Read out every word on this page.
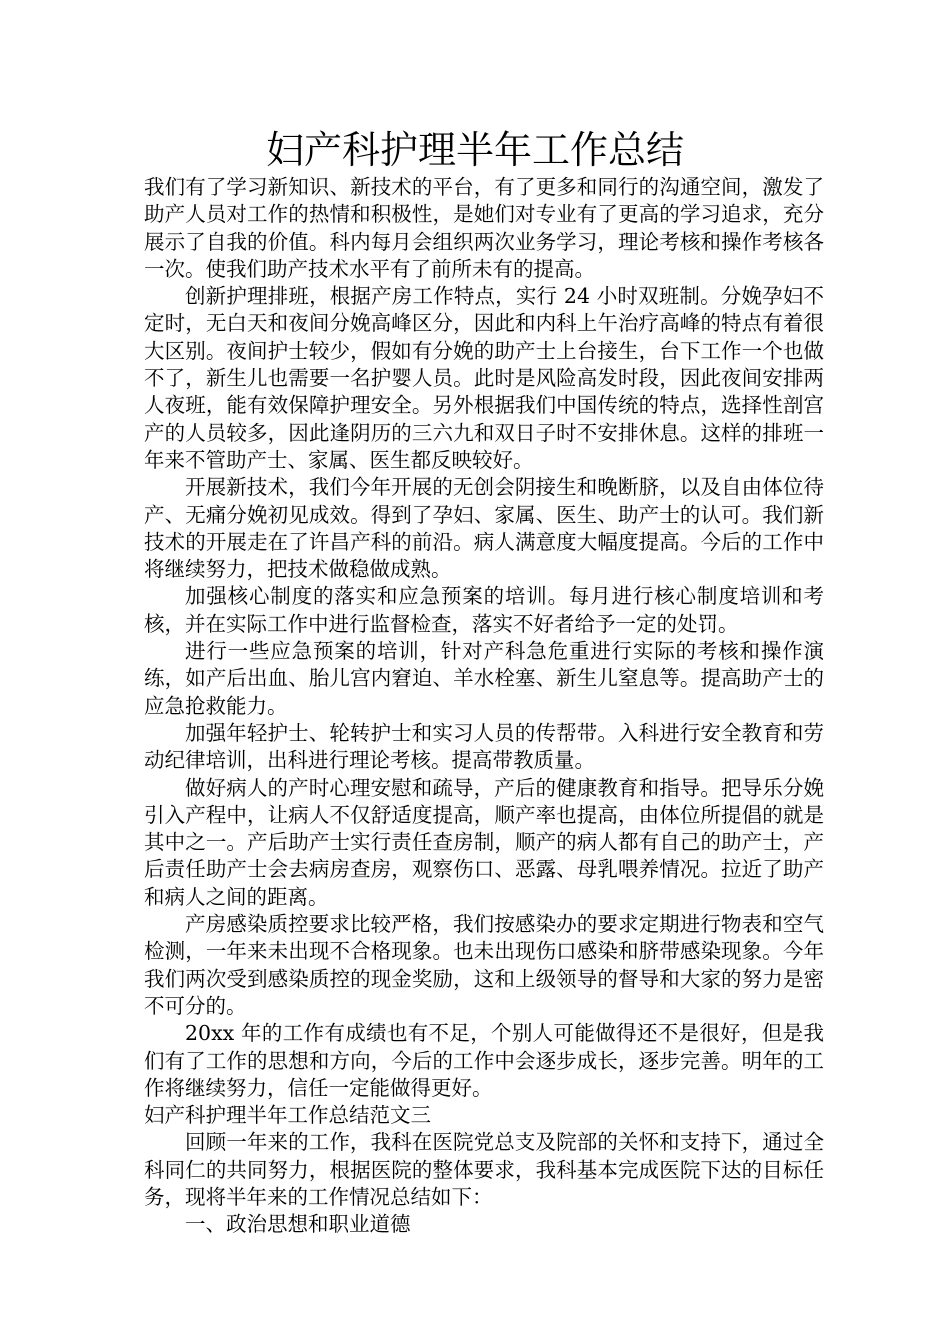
妇产科护理半年工作总结

我们有了学习新知识、新技术的平台，有了更多和同行的沟通空间，激发了助产人员对工作的热情和积极性，是她们对专业有了更高的学习追求，充分展示了自我的价值。科内每月会组织两次业务学习，理论考核和操作考核各一次。使我们助产技术水平有了前所未有的提高。

创新护理排班，根据产房工作特点，实行 24 小时双班制。分娩孕妇不定时，无白天和夜间分娩高峰区分，因此和内科上午治疗高峰的特点有着很大区别。夜间护士较少，假如有分娩的助产士上台接生，台下工作一个也做不了，新生儿也需要一名护婴人员。此时是风险高发时段，因此夜间安排两人夜班，能有效保障护理安全。另外根据我们中国传统的特点，选择性剖宫产的人员较多，因此逢阴历的三六九和双日子时不安排休息。这样的排班一年来不管助产士、家属、医生都反映较好。

开展新技术，我们今年开展的无创会阴接生和晚断脐，以及自由体位待产、无痛分娩初见成效。得到了孕妇、家属、医生、助产士的认可。我们新技术的开展走在了许昌产科的前沿。病人满意度大幅度提高。今后的工作中将继续努力，把技术做稳做成熟。

加强核心制度的落实和应急预案的培训。每月进行核心制度培训和考核，并在实际工作中进行监督检查，落实不好者给予一定的处罚。

进行一些应急预案的培训，针对产科急危重进行实际的考核和操作演练，如产后出血、胎儿宫内窘迫、羊水栓塞、新生儿窒息等。提高助产士的应急抢救能力。

加强年轻护士、轮转护士和实习人员的传帮带。入科进行安全教育和劳动纪律培训，出科进行理论考核。提高带教质量。

做好病人的产时心理安慰和疏导，产后的健康教育和指导。把导乐分娩引入产程中，让病人不仅舒适度提高，顺产率也提高，由体位所提倡的就是其中之一。产后助产士实行责任查房制，顺产的病人都有自己的助产士，产后责任助产士会去病房查房，观察伤口、恶露、母乳喂养情况。拉近了助产和病人之间的距离。

产房感染质控要求比较严格，我们按感染办的要求定期进行物表和空气检测，一年来未出现不合格现象。也未出现伤口感染和脐带感染现象。今年我们两次受到感染质控的现金奖励，这和上级领导的督导和大家的努力是密不可分的。

20xx 年的工作有成绩也有不足，个别人可能做得还不是很好，但是我们有了工作的思想和方向，今后的工作中会逐步成长，逐步完善。明年的工作将继续努力，信任一定能做得更好。

妇产科护理半年工作总结范文三

回顾一年来的工作，我科在医院党总支及院部的关怀和支持下，通过全科同仁的共同努力，根据医院的整体要求，我科基本完成医院下达的目标任务，现将半年来的工作情况总结如下：

一、政治思想和职业道德
